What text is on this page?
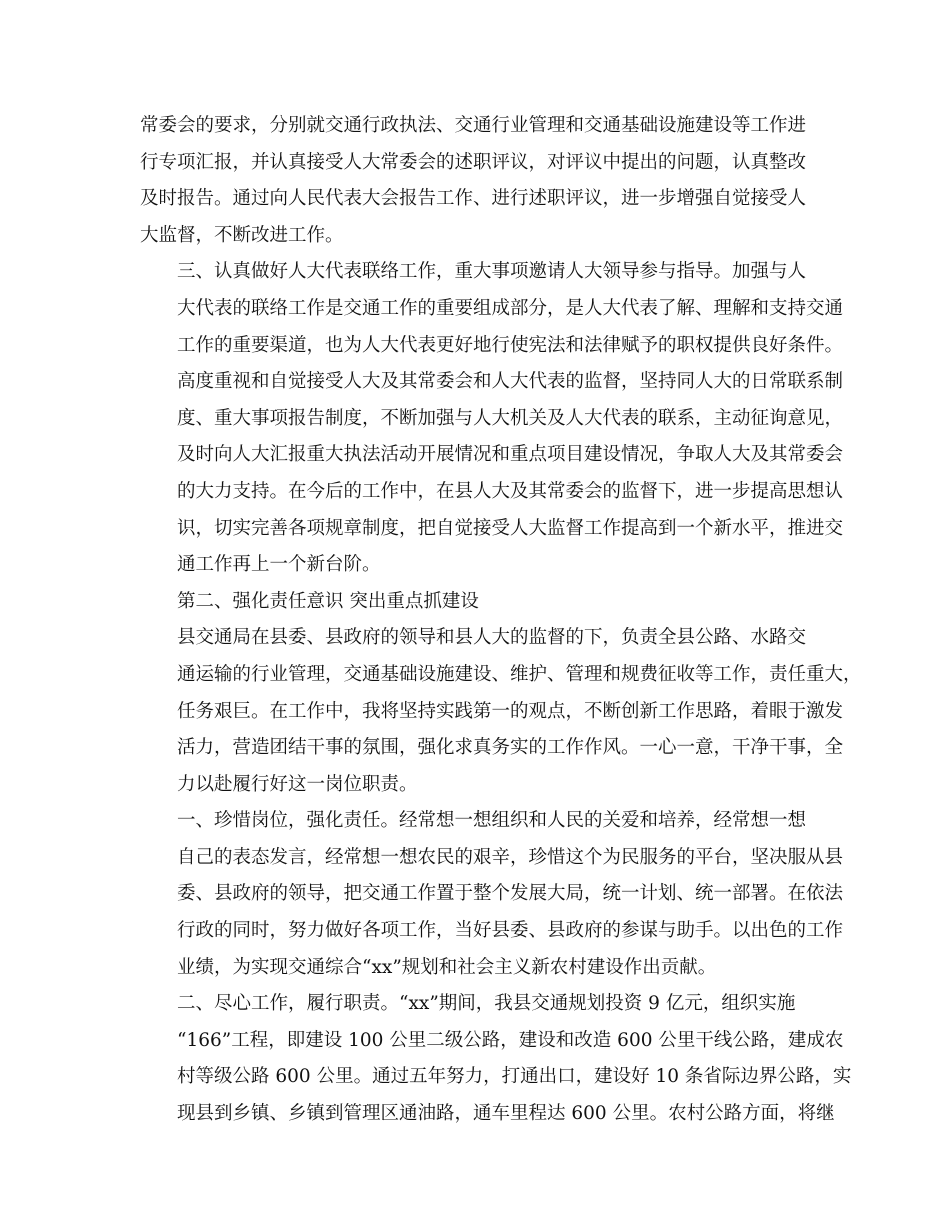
常委会的要求，分别就交通行政执法、交通行业管理和交通基础设施建设等工作进
行专项汇报，并认真接受人大常委会的述职评议，对评议中提出的问题，认真整改
及时报告。通过向人民代表大会报告工作、进行述职评议，进一步增强自觉接受人
大监督，不断改进工作。

三、认真做好人大代表联络工作，重大事项邀请人大领导参与指导。加强与人
大代表的联络工作是交通工作的重要组成部分，是人大代表了解、理解和支持交通
工作的重要渠道，也为人大代表更好地行使宪法和法律赋予的职权提供良好条件。
高度重视和自觉接受人大及其常委会和人大代表的监督，坚持同人大的日常联系制
度、重大事项报告制度，不断加强与人大机关及人大代表的联系，主动征询意见，
及时向人大汇报重大执法活动开展情况和重点项目建设情况，争取人大及其常委会
的大力支持。在今后的工作中，在县人大及其常委会的监督下，进一步提高思想认
识，切实完善各项规章制度，把自觉接受人大监督工作提高到一个新水平，推进交
通工作再上一个新台阶。

第二、强化责任意识 突出重点抓建设

县交通局在县委、县政府的领导和县人大的监督的下，负责全县公路、水路交
通运输的行业管理，交通基础设施建设、维护、管理和规费征收等工作，责任重大，
任务艰巨。在工作中，我将坚持实践第一的观点，不断创新工作思路，着眼于激发
活力，营造团结干事的氛围，强化求真务实的工作作风。一心一意，干净干事，全
力以赴履行好这一岗位职责。

一、珍惜岗位，强化责任。经常想一想组织和人民的关爱和培养，经常想一想
自己的表态发言，经常想一想农民的艰辛，珍惜这个为民服务的平台，坚决服从县
委、县政府的领导，把交通工作置于整个发展大局，统一计划、统一部署。在依法
行政的同时，努力做好各项工作，当好县委、县政府的参谋与助手。以出色的工作
业绩，为实现交通综合“xx”规划和社会主义新农村建设作出贡献。

二、尽心工作，履行职责。“xx”期间，我县交通规划投资 9 亿元，组织实施
“166”工程，即建设 100 公里二级公路，建设和改造 600 公里干线公路，建成农
村等级公路 600 公里。通过五年努力，打通出口，建设好 10 条省际边界公路，实
现县到乡镇、乡镇到管理区通油路，通车里程达 600 公里。农村公路方面，将继
